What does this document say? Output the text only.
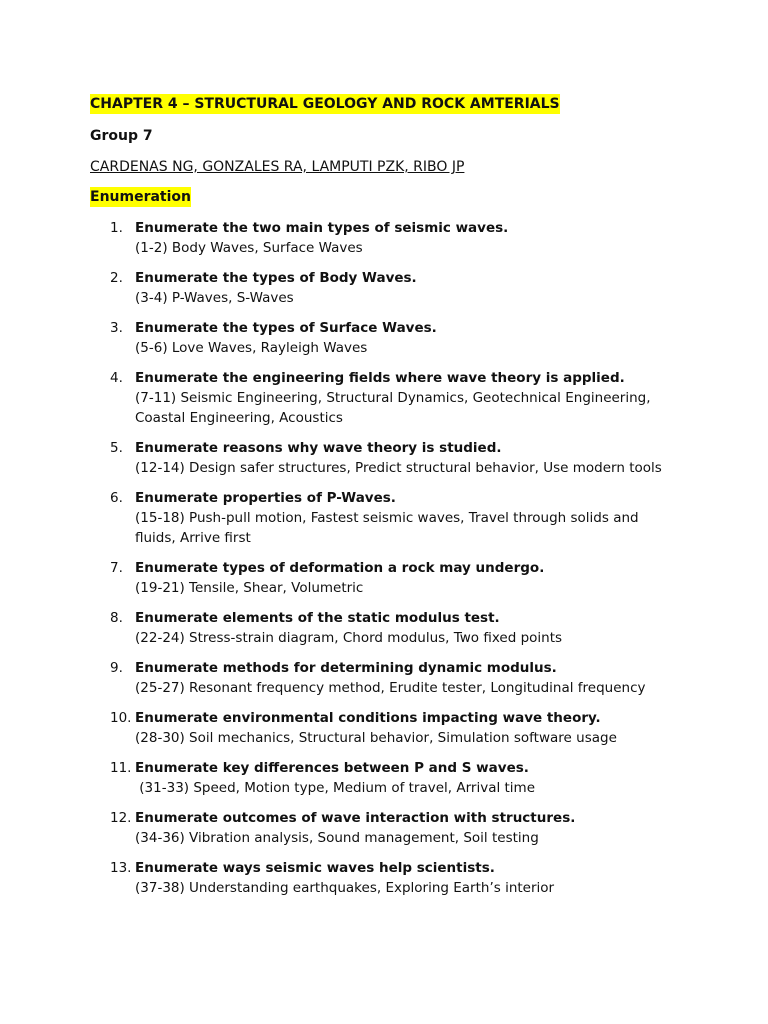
CHAPTER 4 – STRUCTURAL GEOLOGY AND ROCK AMTERIALS
Group 7
CARDENAS NG, GONZALES RA, LAMPUTI PZK, RIBO JP
Enumeration
1. Enumerate the two main types of seismic waves.
(1-2) Body Waves, Surface Waves
2. Enumerate the types of Body Waves.
(3-4) P-Waves, S-Waves
3. Enumerate the types of Surface Waves.
(5-6) Love Waves, Rayleigh Waves
4. Enumerate the engineering fields where wave theory is applied.
(7-11) Seismic Engineering, Structural Dynamics, Geotechnical Engineering, Coastal Engineering, Acoustics
5. Enumerate reasons why wave theory is studied.
(12-14) Design safer structures, Predict structural behavior, Use modern tools
6. Enumerate properties of P-Waves.
(15-18) Push-pull motion, Fastest seismic waves, Travel through solids and fluids, Arrive first
7. Enumerate types of deformation a rock may undergo.
(19-21) Tensile, Shear, Volumetric
8. Enumerate elements of the static modulus test.
(22-24) Stress-strain diagram, Chord modulus, Two fixed points
9. Enumerate methods for determining dynamic modulus.
(25-27) Resonant frequency method, Erudite tester, Longitudinal frequency
10. Enumerate environmental conditions impacting wave theory.
(28-30) Soil mechanics, Structural behavior, Simulation software usage
11. Enumerate key differences between P and S waves.
(31-33) Speed, Motion type, Medium of travel, Arrival time
12. Enumerate outcomes of wave interaction with structures.
(34-36) Vibration analysis, Sound management, Soil testing
13. Enumerate ways seismic waves help scientists.
(37-38) Understanding earthquakes, Exploring Earth’s interior
